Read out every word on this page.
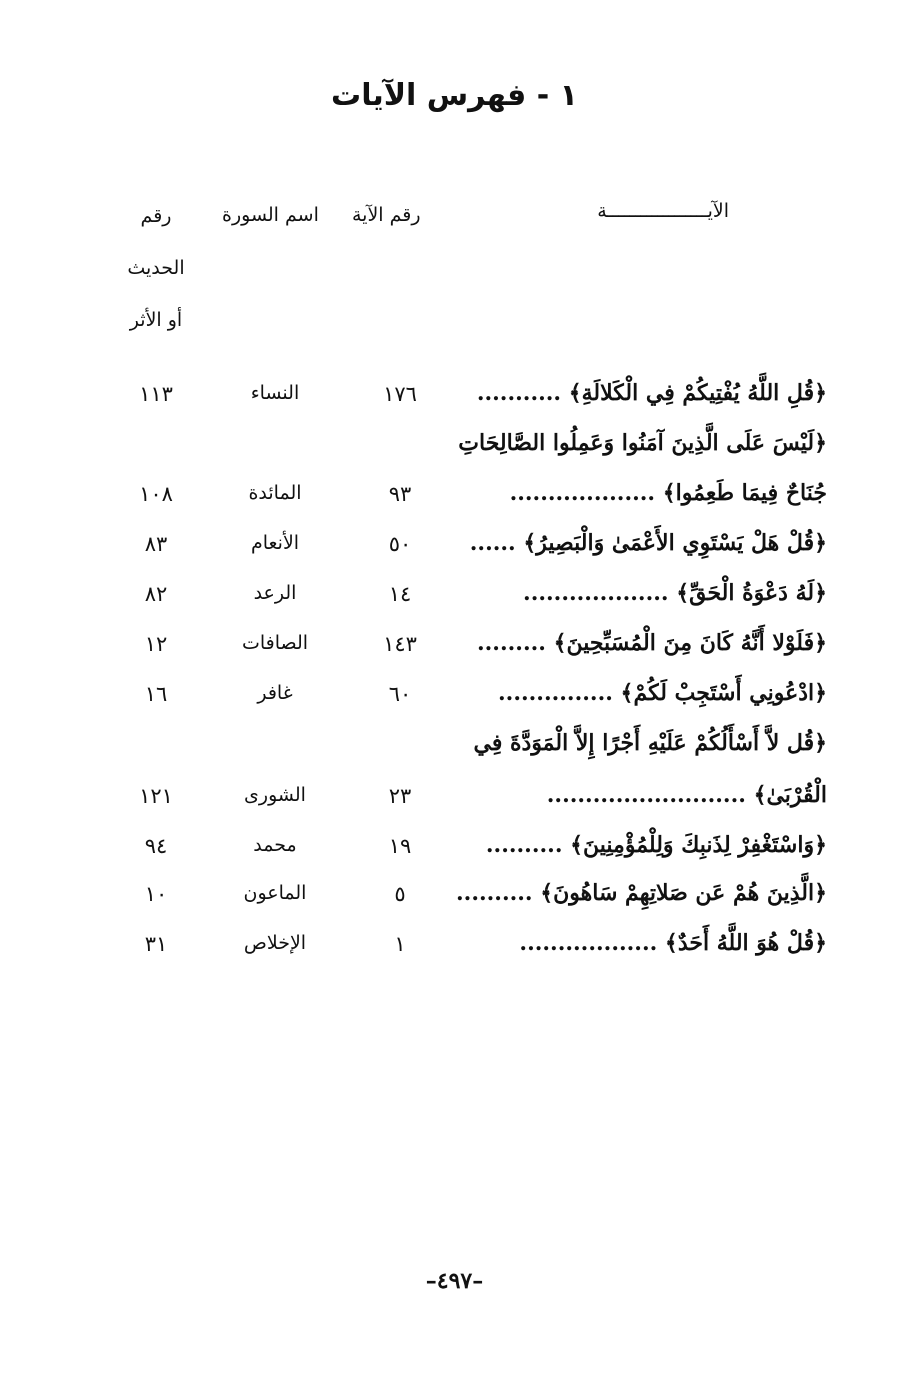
١ - فهرس الآيات
الآيــــــــــــــــــة
رقم الآية
اسم السورة
رقم
الحديث
أو الأثر
﴿قُلِ اللَّهُ يُفْتِيكُمْ فِي الْكَلالَةِ﴾ ...........
١٧٦
النساء
١١٣
﴿لَيْسَ عَلَى الَّذِينَ آمَنُوا وَعَمِلُوا الصَّالِحَاتِ
جُنَاحٌ فِيمَا طَعِمُوا﴾ ...................
٩٣
المائدة
١٠٨
﴿قُلْ هَلْ يَسْتَوِي الأَعْمَىٰ وَالْبَصِيرُ﴾ ......
٥٠
الأنعام
٨٣
﴿لَهُ دَعْوَةُ الْحَقِّ﴾ ...................
١٤
الرعد
٨٢
﴿فَلَوْلا أَنَّهُ كَانَ مِنَ الْمُسَبِّحِينَ﴾ .........
١٤٣
الصافات
١٢
﴿ادْعُونِي أَسْتَجِبْ لَكُمْ﴾ ...............
٦٠
غافر
١٦
﴿قُل لاَّ أَسْأَلُكُمْ عَلَيْهِ أَجْرًا إِلاَّ الْمَوَدَّةَ فِي
الْقُرْبَىٰ﴾ ..........................
٢٣
الشورى
١٢١
﴿وَاسْتَغْفِرْ لِذَنبِكَ وَلِلْمُؤْمِنِينَ﴾ ..........
١٩
محمد
٩٤
﴿الَّذِينَ هُمْ عَن صَلاتِهِمْ سَاهُونَ﴾ ..........
٥
الماعون
١٠
﴿قُلْ هُوَ اللَّهُ أَحَدٌ﴾ ..................
١
الإخلاص
٣١
–٤٩٧–
